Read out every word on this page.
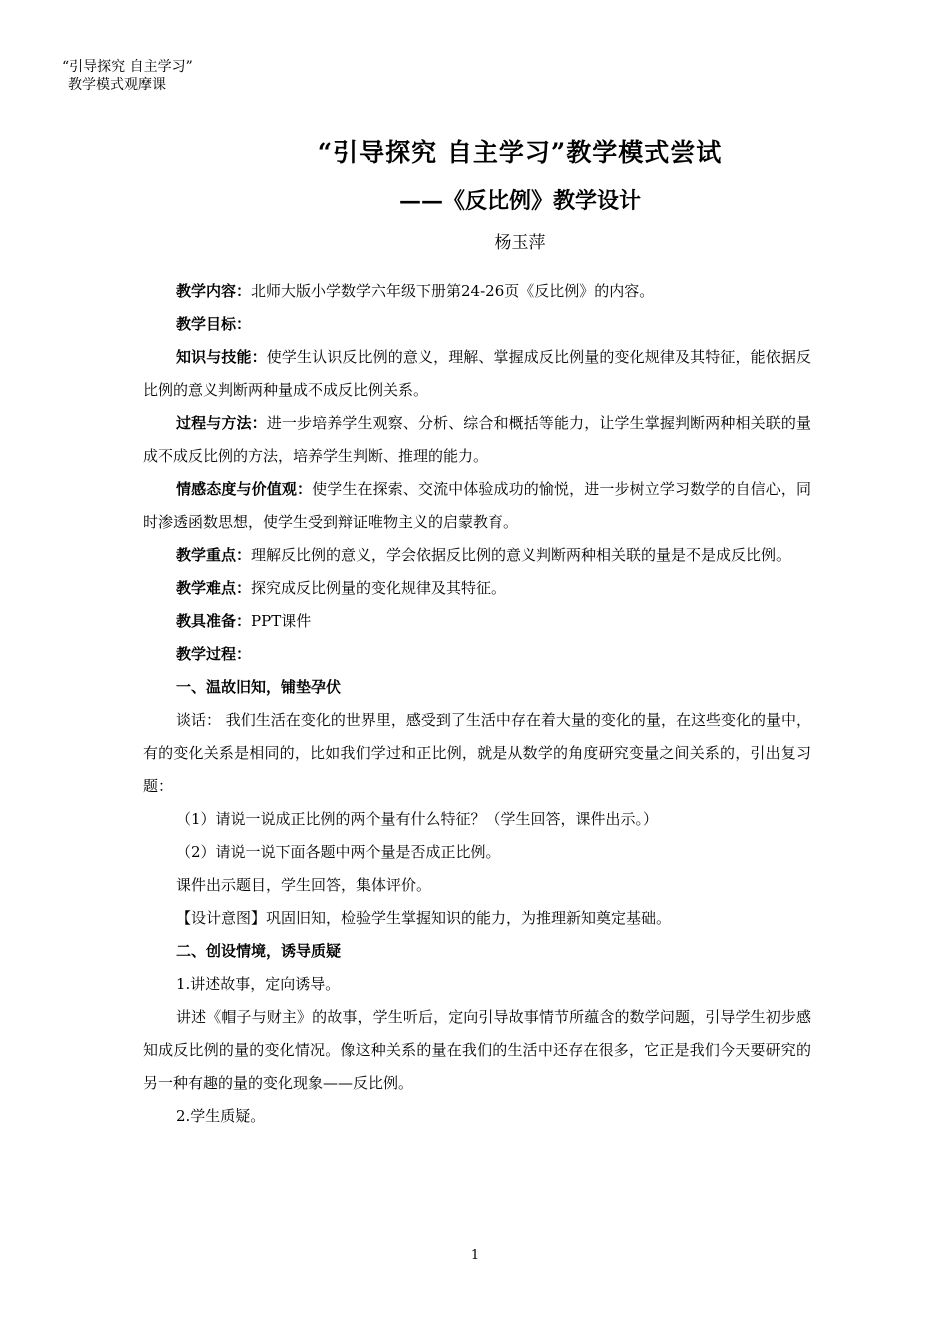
“引导探究 自主学习”
教学模式观摩课
“引导探究 自主学习”教学模式尝试
——《反比例》教学设计
杨玉萍

教学内容：北师大版小学数学六年级下册第24-26页《反比例》的内容。

教学目标：

知识与技能：使学生认识反比例的意义，理解、掌握成反比例量的变化规律及其特征，能依据反比例的意义判断两种量成不成反比例关系。

过程与方法：进一步培养学生观察、分析、综合和概括等能力，让学生掌握判断两种相关联的量成不成反比例的方法，培养学生判断、推理的能力。

情感态度与价值观：使学生在探索、交流中体验成功的愉悦，进一步树立学习数学的自信心，同时渗透函数思想，使学生受到辩证唯物主义的启蒙教育。

教学重点：理解反比例的意义，学会依据反比例的意义判断两种相关联的量是不是成反比例。

教学难点：探究成反比例量的变化规律及其特征。

教具准备：PPT课件

教学过程：

一、温故旧知，铺垫孕伏

谈话： 我们生活在变化的世界里，感受到了生活中存在着大量的变化的量，在这些变化的量中，有的变化关系是相同的，比如我们学过和正比例，就是从数学的角度研究变量之间关系的，引出复习题：

（1）请说一说成正比例的两个量有什么特征？（学生回答，课件出示。）

（2）请说一说下面各题中两个量是否成正比例。

课件出示题目，学生回答，集体评价。

【设计意图】巩固旧知，检验学生掌握知识的能力，为推理新知奠定基础。

二、创设情境，诱导质疑

1.讲述故事，定向诱导。

讲述《帽子与财主》的故事，学生听后，定向引导故事情节所蕴含的数学问题，引导学生初步感知成反比例的量的变化情况。像这种关系的量在我们的生活中还存在很多，它正是我们今天要研究的另一种有趣的量的变化现象——反比例。

2.学生质疑。

1
